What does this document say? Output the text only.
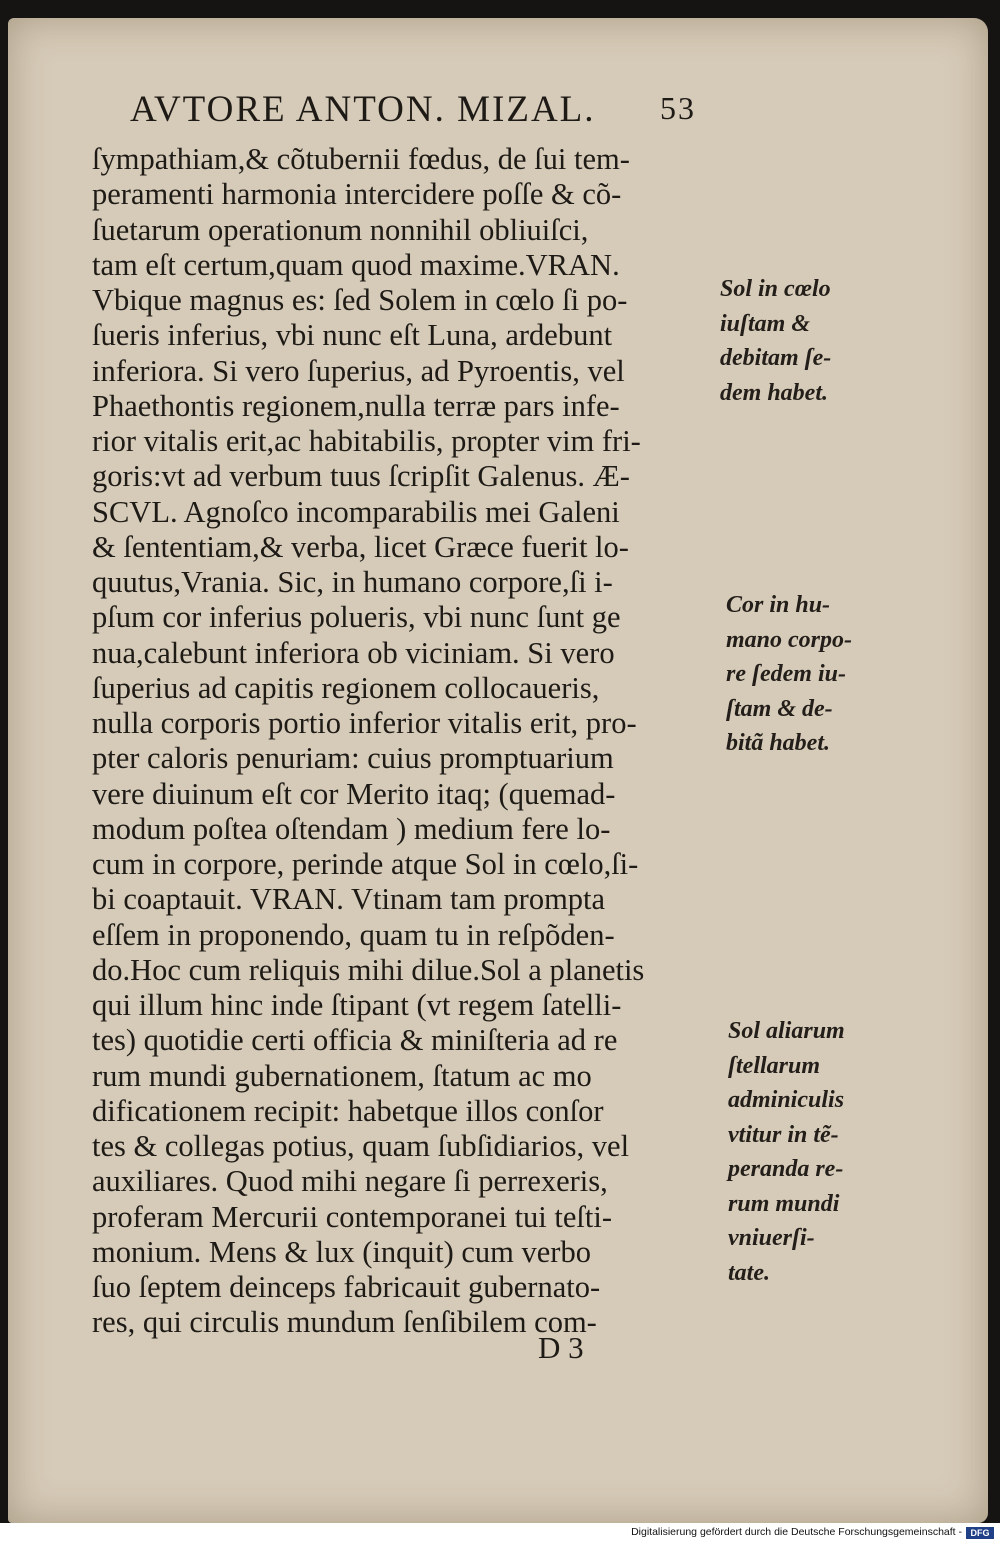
AVTORE ANTON. MIZAL. 53
ſympathiam,& cõtubernii fœdus, de ſui tem-
peramenti harmonia intercidere poſſe & cõ-
ſuetarum operationum nonnihil obliuiſci,
tam eſt certum,quam quod maxime.VRAN.
Vbique magnus es: ſed Solem in cœlo ſi po-
ſueris inferius, vbi nunc eſt Luna, ardebunt
inferiora. Si vero ſuperius, ad Pyroentis, vel
Phaethontis regionem,nulla terræ pars infe-
rior vitalis erit,ac habitabilis, propter vim fri-
goris:vt ad verbum tuus ſcripſit Galenus. Æ-
SCVL. Agnoſco incomparabilis mei Galeni
& ſententiam,& verba, licet Græce fuerit lo-
quutus,Vrania. Sic, in humano corpore,ſi i-
pſum cor inferius polueris, vbi nunc ſunt ge
nua,calebunt inferiora ob viciniam. Si vero
ſuperius ad capitis regionem collocaueris,
nulla corporis portio inferior vitalis erit, pro-
pter caloris penuriam: cuius promptuarium
vere diuinum eſt cor Merito itaq; (quemad-
modum poſtea oſtendam ) medium fere lo-
cum in corpore, perinde atque Sol in cœlo,ſi-
bi coaptauit. VRAN. Vtinam tam prompta
eſſem in proponendo, quam tu in reſpõden-
do.Hoc cum reliquis mihi dilue.Sol a planetis
qui illum hinc inde ſtipant (vt regem ſatelli-
tes) quotidie certi officia & miniſteria ad re
rum mundi gubernationem, ſtatum ac mo
dificationem recipit: habetque illos conſor
tes & collegas potius, quam ſubſidiarios, vel
auxiliares. Quod mihi negare ſi perrexeris,
proferam Mercurii contemporanei tui teſti-
monium. Mens & lux (inquit) cum verbo
ſuo ſeptem deinceps fabricauit gubernato-
res, qui circulis mundum ſenſibilem com-
Sol in cœlo
iuſtam &
debitam ſe-
dem habet.
Cor in hu-
mano corpo-
re ſedem iu-
ſtam & de-
bitã habet.
Sol aliarum
ſtellarum
adminiculis
vtitur in tẽ-
peranda re-
rum mundi
vniuerſi-
tate.
D 3
Digitalisierung gefördert durch die Deutsche Forschungsgemeinschaft - DFG
